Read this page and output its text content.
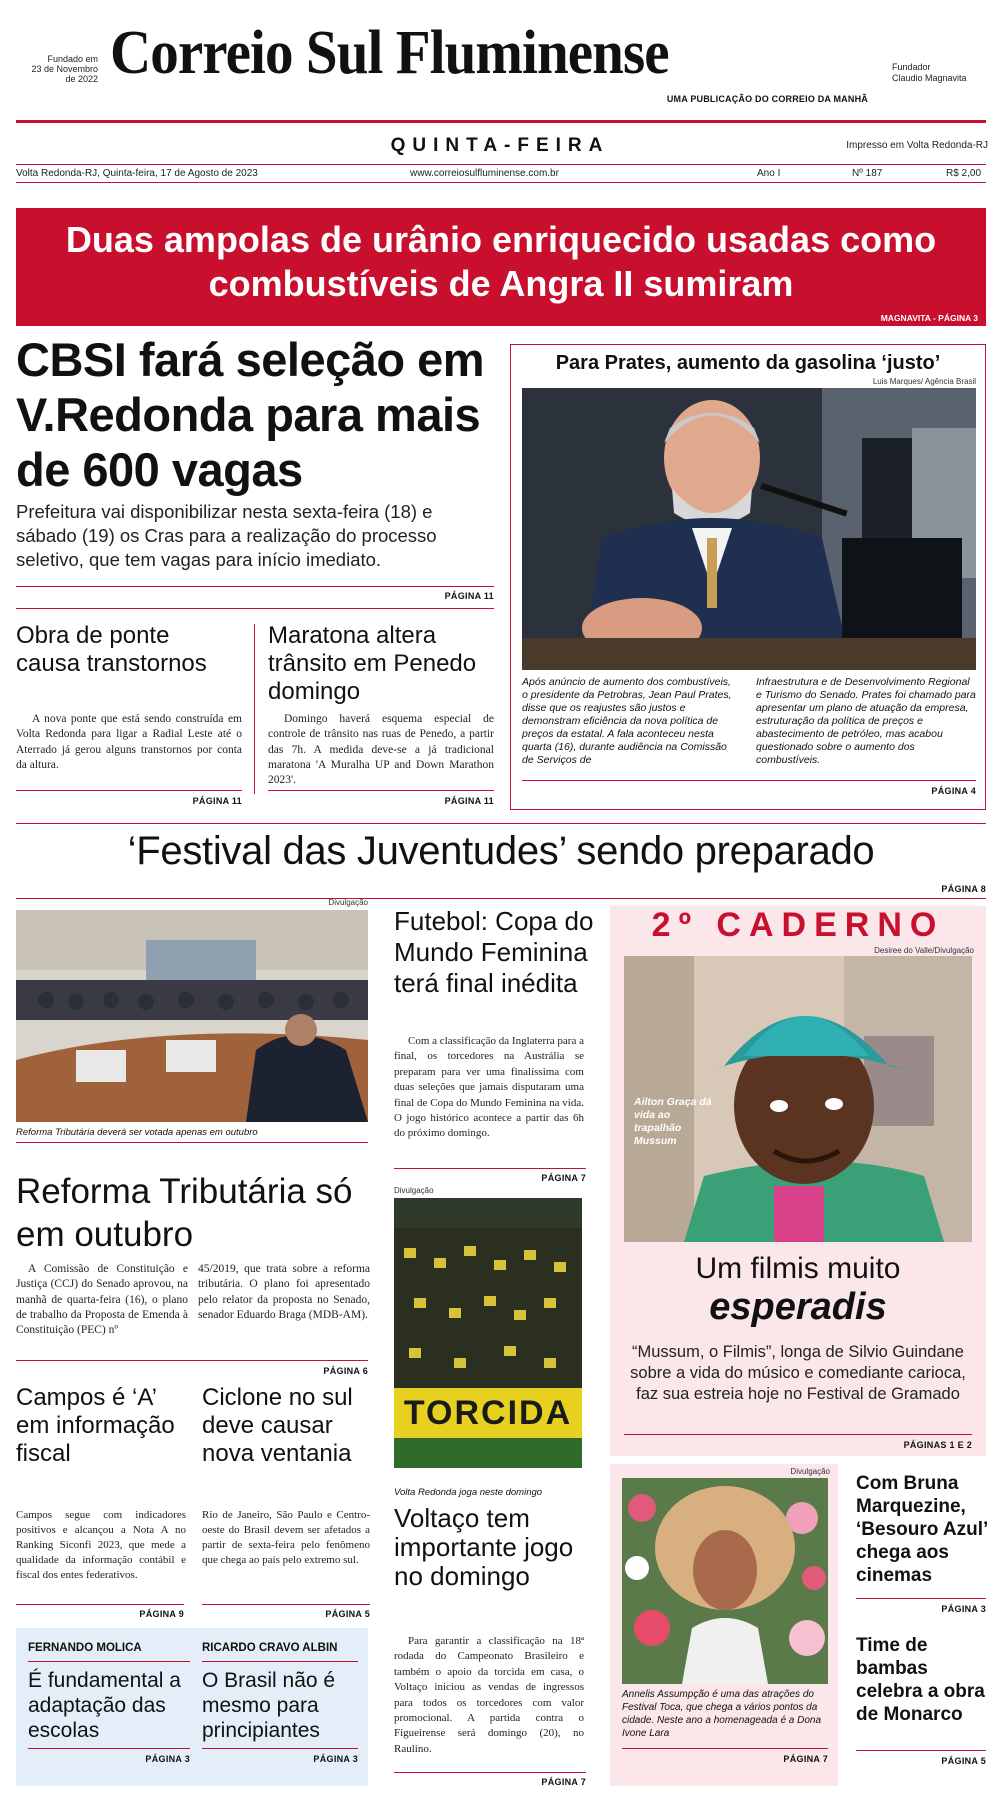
Fundado em
23 de Novembro
de 2022 Correio Sul Fluminense	Fundador
Claudio Magnavita
UMA PUBLICAÇÃO DO CORREIO DA MANHÃ
QUINTA-FEIRA	Impresso em Volta Redonda-RJ
Volta Redonda-RJ, Quinta-feira, 17 de Agosto de 2023	www.correiosulfluminense.com.br	Ano I	Nº 187	R$ 2,00
Duas ampolas de urânio enriquecido usadas como combustíveis de Angra II sumiram
MAGNAVITA - PÁGINA 3
CBSI fará seleção em V.Redonda para mais de 600 vagas

Prefeitura vai disponibilizar nesta sexta-feira (18) e sábado (19) os Cras para a realização do processo seletivo, que tem vagas para início imediato.

PÁGINA 11
Obra de ponte causa transtornos

A nova ponte que está sendo construída em Volta Redonda para ligar a Radial Leste até o Aterrado já gerou alguns transtornos por conta da altura.

PÁGINA 11
Maratona altera trânsito em Penedo domingo

Domingo haverá esquema especial de controle de trânsito nas ruas de Penedo, a partir das 7h. A medida deve-se a já tradicional maratona 'A Muralha UP and Down Marathon 2023'.

PÁGINA 11
Para Prates, aumento da gasolina ‘justo’
Luis Marques/ Agência Brasil

Após anúncio de aumento dos combustíveis, o presidente da Petrobras, Jean Paul Prates, disse que os reajustes são justos e demonstram eficiência da nova política de preços da estatal. A fala aconteceu nesta quarta (16), durante audiência na Comissão de Serviços de

Infraestrutura e de Desenvolvimento Regional e Turismo do Senado. Prates foi chamado para apresentar um plano de atuação da empresa, estruturação da política de preços e abastecimento de petróleo, mas acabou questionado sobre o aumento dos combustíveis.

PÁGINA 4
‘Festival das Juventudes’ sendo preparado
PÁGINA 8
Divulgação

Reforma Tributária deverá ser votada apenas em outubro

Reforma Tributária só em outubro

A Comissão de Constituição e Justiça (CCJ) do Senado aprovou, na manhã de quarta-feira (16), o plano de trabalho da Proposta de Emenda à Constituição (PEC) nº

45/2019, que trata sobre a reforma tributária. O plano foi apresentado pelo relator da proposta no Senado, senador Eduardo Braga (MDB-AM).

PÁGINA 6
Campos é ‘A’ em informação fiscal

Campos segue com indicadores positivos e alcançou a Nota A no Ranking Siconfi 2023, que mede a qualidade da informação contábil e fiscal dos entes federativos.

PÁGINA 9
Ciclone no sul deve causar nova ventania

Rio de Janeiro, São Paulo e Centro-oeste do Brasil devem ser afetados a partir de sexta-feira pelo fenômeno que chega ao país pelo extremo sul.

PÁGINA 5
FERNANDO MOLICA
É fundamental a adaptação das escolas
PÁGINA 3
RICARDO CRAVO ALBIN
O Brasil não é mesmo para principiantes
PÁGINA 3
Futebol: Copa do Mundo Feminina terá final inédita

Com a classificação da Inglaterra para a final, os torcedores na Austrália se preparam para ver uma finalíssima com duas seleções que jamais disputaram uma final de Copa do Mundo Feminina na vida. O jogo histórico acontece a partir das 6h do próximo domingo.

PÁGINA 7
Divulgação
TORCIDA

Volta Redonda joga neste domingo

Voltaço tem importante jogo no domingo

Para garantir a classificação na 18ª rodada do Campeonato Brasileiro e também o apoio da torcida em casa, o Voltaço iniciou as vendas de ingressos para todos os torcedores com valor promocional. A partida contra o Figueirense será domingo (20), no Raulino.

PÁGINA 7
2º CADERNO
Desiree do Valle/Divulgação
Ailton Graça dá vida ao trapalhão Mussum
Um filmis muito
esperadis

“Mussum, o Filmis”, longa de Silvio Guindane sobre a vida do músico e comediante carioca, faz sua estreia hoje no Festival de Gramado

PÁGINAS 1 E 2
Divulgação

Annelis Assumpção é uma das atrações do Festival Toca, que chega a vários pontos da cidade. Neste ano a homenageada é a Dona Ivone Lara

PÁGINA 7
Com Bruna Marquezine, ‘Besouro Azul’ chega aos cinemas
PÁGINA 3
Time de bambas celebra a obra de Monarco
PÁGINA 5
